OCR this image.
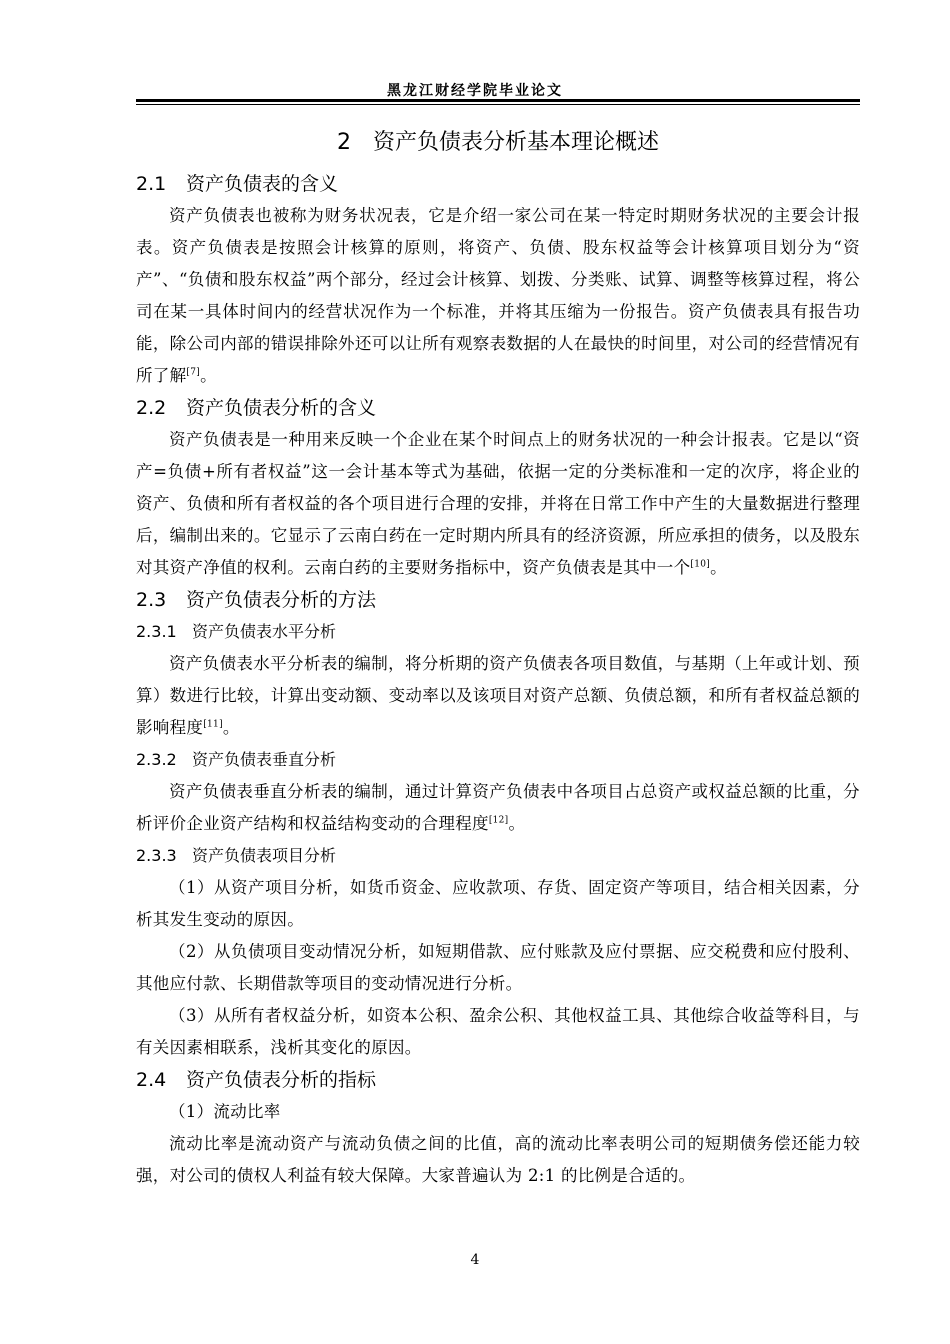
黑龙江财经学院毕业论文
2 资产负债表分析基本理论概述
2.1 资产负债表的含义

资产负债表也被称为财务状况表，它是介绍一家公司在某一特定时期财务状况的主要会计报表。资产负债表是按照会计核算的原则，将资产、负债、股东权益等会计核算项目划分为“资产”、“负债和股东权益”两个部分，经过会计核算、划拨、分类账、试算、调整等核算过程，将公司在某一具体时间内的经营状况作为一个标准，并将其压缩为一份报告。资产负债表具有报告功能，除公司内部的错误排除外还可以让所有观察表数据的人在最快的时间里，对公司的经营情况有所了解[7]。

2.2 资产负债表分析的含义

资产负债表是一种用来反映一个企业在某个时间点上的财务状况的一种会计报表。它是以“资产=负债+所有者权益”这一会计基本等式为基础，依据一定的分类标准和一定的次序，将企业的资产、负债和所有者权益的各个项目进行合理的安排，并将在日常工作中产生的大量数据进行整理后，编制出来的。它显示了云南白药在一定时期内所具有的经济资源，所应承担的债务，以及股东对其资产净值的权利。云南白药的主要财务指标中，资产负债表是其中一个[10]。

2.3 资产负债表分析的方法
2.3.1 资产负债表水平分析

资产负债表水平分析表的编制，将分析期的资产负债表各项目数值，与基期（上年或计划、预算）数进行比较，计算出变动额、变动率以及该项目对资产总额、负债总额，和所有者权益总额的影响程度[11]。

2.3.2 资产负债表垂直分析

资产负债表垂直分析表的编制，通过计算资产负债表中各项目占总资产或权益总额的比重，分析评价企业资产结构和权益结构变动的合理程度[12]。

2.3.3 资产负债表项目分析

（1）从资产项目分析，如货币资金、应收款项、存货、固定资产等项目，结合相关因素，分析其发生变动的原因。

（2）从负债项目变动情况分析，如短期借款、应付账款及应付票据、应交税费和应付股利、其他应付款、长期借款等项目的变动情况进行分析。

（3）从所有者权益分析，如资本公积、盈余公积、其他权益工具、其他综合收益等科目，与有关因素相联系，浅析其变化的原因。

2.4 资产负债表分析的指标

（1）流动比率

流动比率是流动资产与流动负债之间的比值，高的流动比率表明公司的短期债务偿还能力较强，对公司的债权人利益有较大保障。大家普遍认为 2:1 的比例是合适的。

4
